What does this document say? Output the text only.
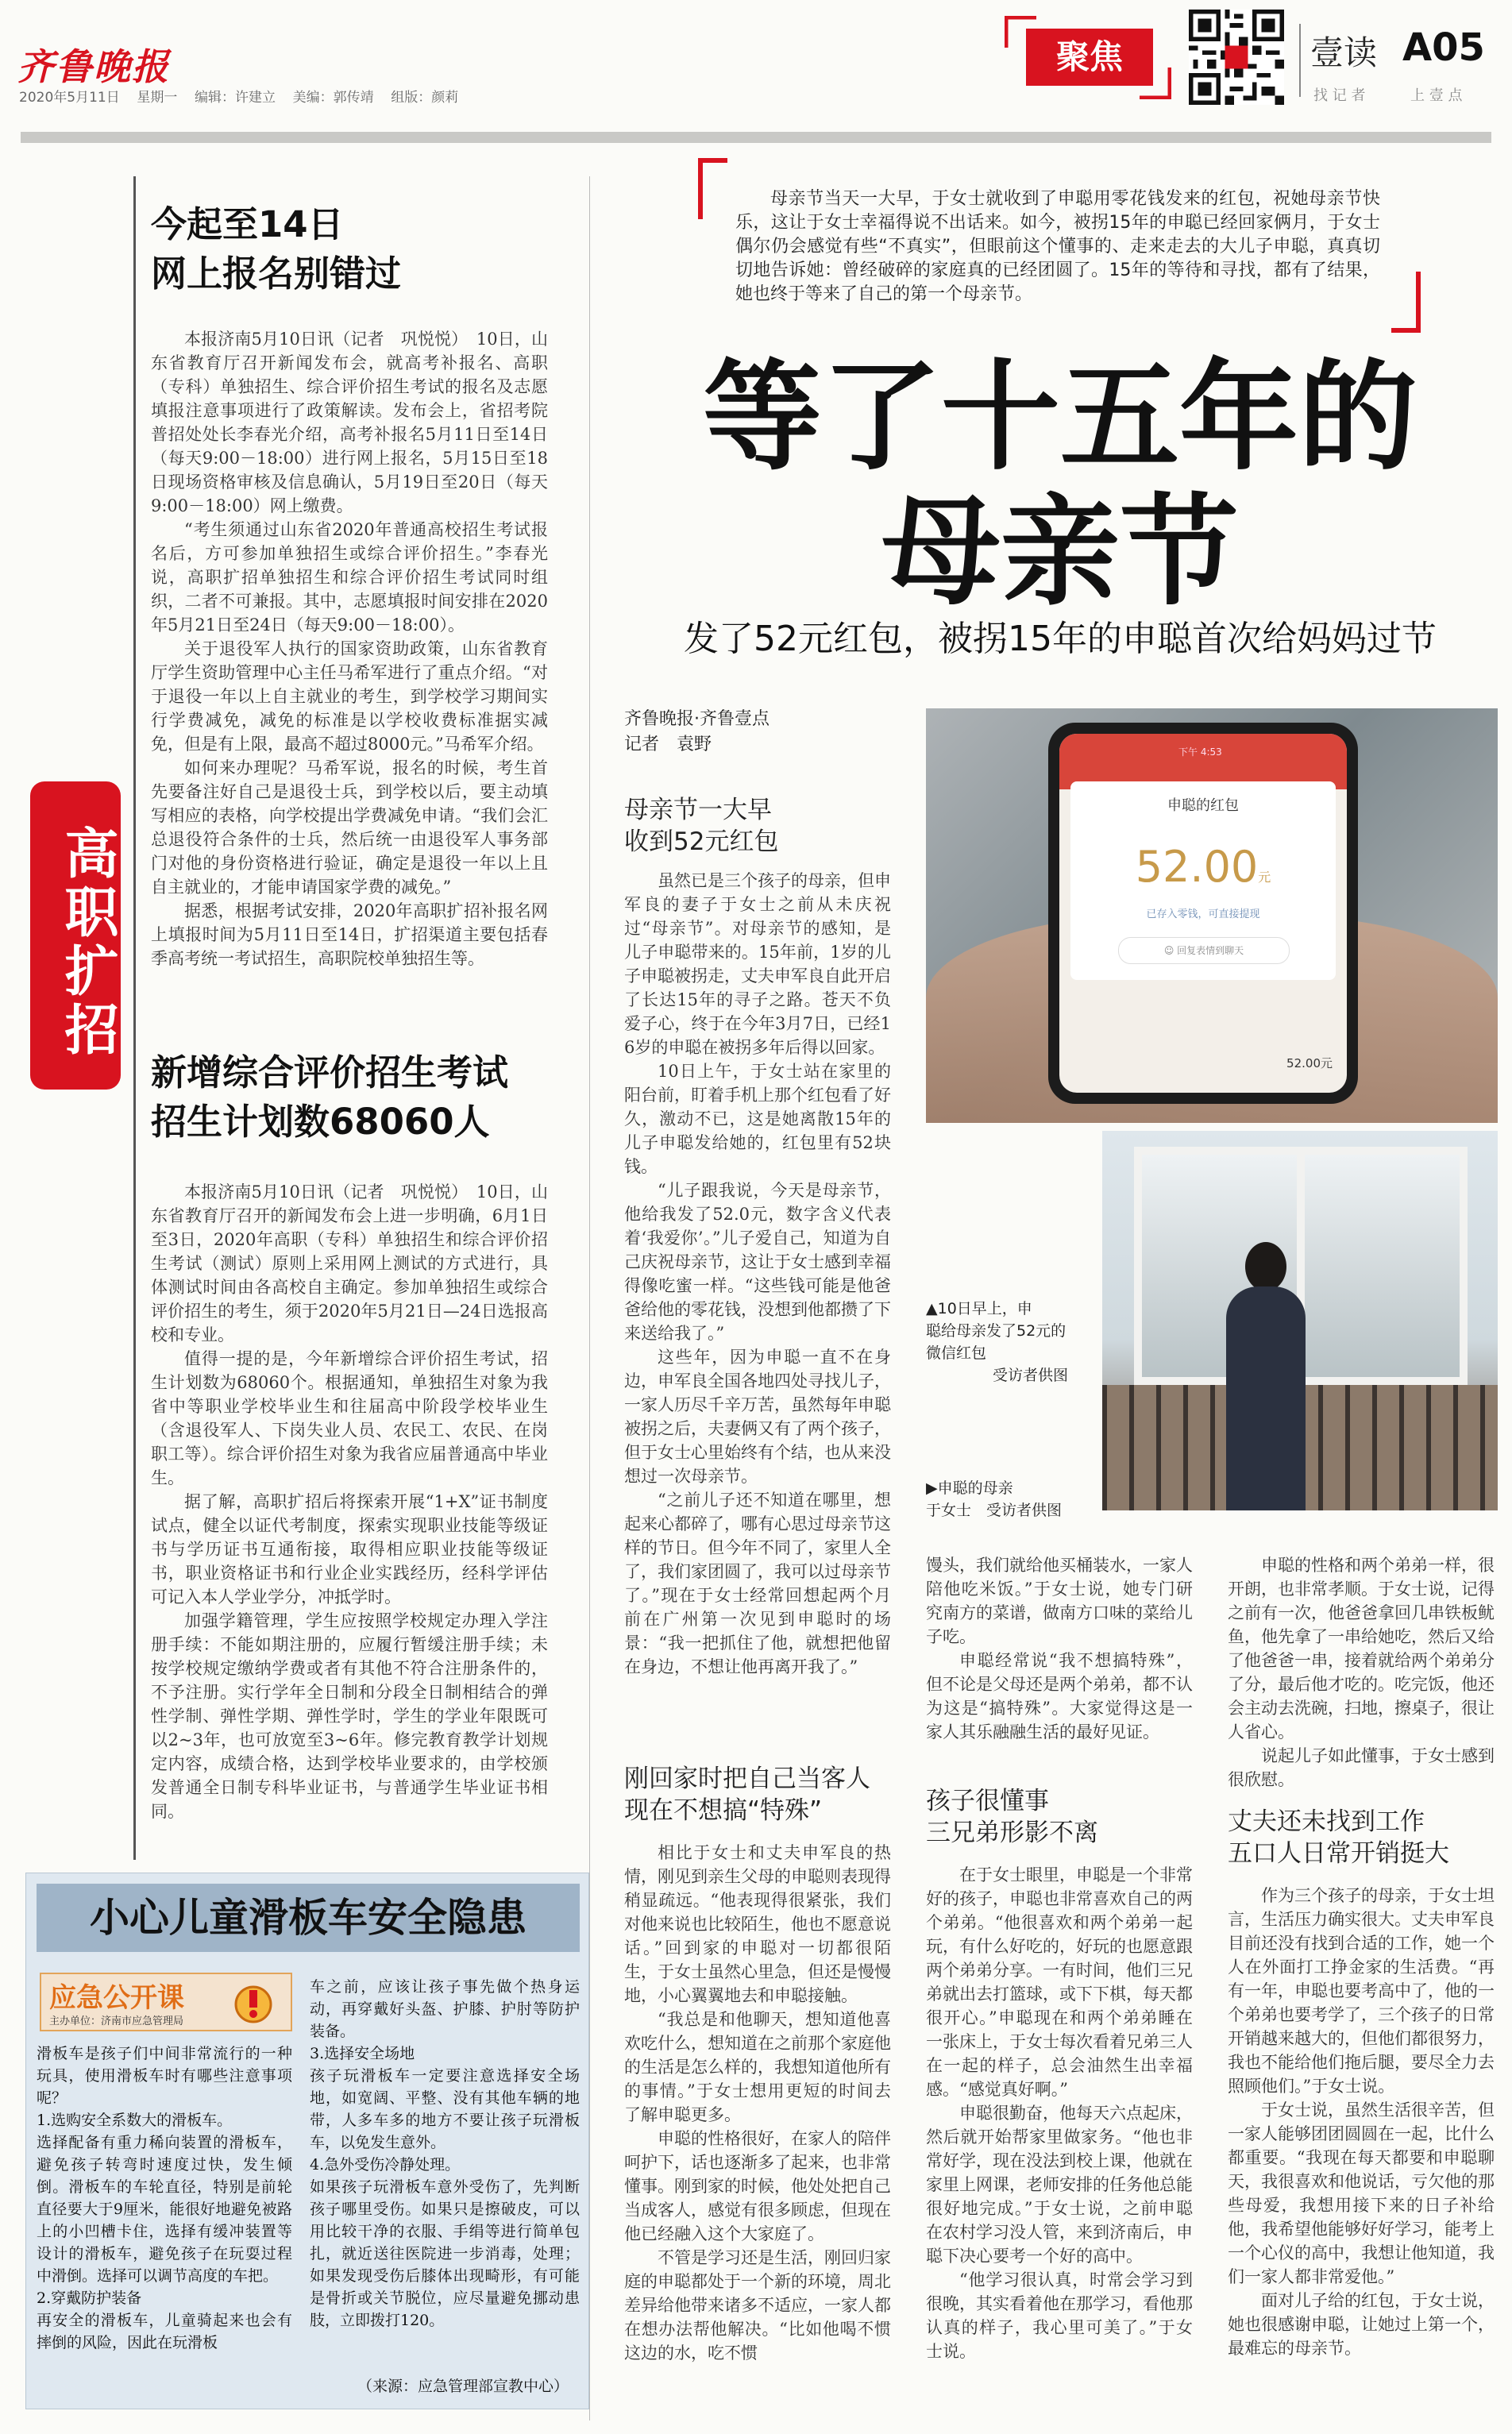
齐鲁晚报
2020年5月11日 星期一 编辑：许建立 美编：郭传靖 组版：颜莉
聚焦	壹读 A05
找 记 者	上 壹 点
高职扩招
今起至14日
网上报名别错过

本报济南5月10日讯（记者　巩悦悦）　10日，山东省教育厅召开新闻发布会，就高考补报名、高职（专科）单独招生、综合评价招生考试的报名及志愿填报注意事项进行了政策解读。发布会上，省招考院普招处处长李春光介绍，高考补报名5月11日至14日（每天9:00－18:00）进行网上报名，5月15日至18日现场资格审核及信息确认，5月19日至20日（每天9:00－18:00）网上缴费。

“考生须通过山东省2020年普通高校招生考试报名后，方可参加单独招生或综合评价招生。”李春光说，高职扩招单独招生和综合评价招生考试同时组织，二者不可兼报。其中，志愿填报时间安排在2020年5月21日至24日（每天9:00－18:00）。

关于退役军人执行的国家资助政策，山东省教育厅学生资助管理中心主任马希军进行了重点介绍。“对于退役一年以上自主就业的考生，到学校学习期间实行学费减免，减免的标准是以学校收费标准据实减免，但是有上限，最高不超过8000元。”马希军介绍。

如何来办理呢？马希军说，报名的时候，考生首先要备注好自己是退役士兵，到学校以后，要主动填写相应的表格，向学校提出学费减免申请。“我们会汇总退役符合条件的士兵，然后统一由退役军人事务部门对他的身份资格进行验证，确定是退役一年以上且自主就业的，才能申请国家学费的减免。”

据悉，根据考试安排，2020年高职扩招补报名网上填报时间为5月11日至14日，扩招渠道主要包括春季高考统一考试招生，高职院校单独招生等。

新增综合评价招生考试
招生计划数68060人

本报济南5月10日讯（记者　巩悦悦）　10日，山东省教育厅召开的新闻发布会上进一步明确，6月1日至3日，2020年高职（专科）单独招生和综合评价招生考试（测试）原则上采用网上测试的方式进行，具体测试时间由各高校自主确定。参加单独招生或综合评价招生的考生，须于2020年5月21日—24日选报高校和专业。

值得一提的是，今年新增综合评价招生考试，招生计划数为68060个。根据通知，单独招生对象为我省中等职业学校毕业生和往届高中阶段学校毕业生（含退役军人、下岗失业人员、农民工、农民、在岗职工等）。综合评价招生对象为我省应届普通高中毕业生。

据了解，高职扩招后将探索开展“1+X”证书制度试点，健全以证代考制度，探索实现职业技能等级证书与学历证书互通衔接，取得相应职业技能等级证书，职业资格证书和行业企业实践经历，经科学评估可记入本人学业学分，冲抵学时。

加强学籍管理，学生应按照学校规定办理入学注册手续：不能如期注册的，应履行暂缓注册手续；未按学校规定缴纳学费或者有其他不符合注册条件的，不予注册。实行学年全日制和分段全日制相结合的弹性学制、弹性学期、弹性学时，学生的学业年限既可以2~3年，也可放宽至3~6年。修完教育教学计划规定内容，成绩合格，达到学校毕业要求的，由学校颁发普通全日制专科毕业证书，与普通学生毕业证书相同。

小心儿童滑板车安全隐患
应急公开课
主办单位：济南市应急管理局

滑板车是孩子们中间非常流行的一种玩具，使用滑板车时有哪些注意事项呢？
1.选购安全系数大的滑板车。
选择配备有重力稀向装置的滑板车，避免孩子转弯时速度过快，发生倾倒。滑板车的车轮直径，特别是前轮直径要大于9厘米，能很好地避免被路上的小凹槽卡住，选择有缓冲装置等设计的滑板车，避免孩子在玩耍过程中滑倒。选择可以调节高度的车把。
2.穿戴防护装备
再安全的滑板车，儿童骑起来也会有摔倒的风险，因此在玩滑板

车之前，应该让孩子事先做个热身运动，再穿戴好头盔、护膝、护肘等防护装备。
3.选择安全场地
孩子玩滑板车一定要注意选择安全场地，如宽阔、平整、没有其他车辆的地带，人多车多的地方不要让孩子玩滑板车，以免发生意外。
4.急外受伤冷静处理。
如果孩子玩滑板车意外受伤了，先判断孩子哪里受伤。如果只是擦破皮，可以用比较干净的衣服、手绢等进行简单包扎，就近送往医院进一步消毒，处理；如果发现受伤后膝体出现畸形，有可能是骨折或关节脱位，应尽量避免挪动患肢，立即拨打120。

（来源：应急管理部宣教中心）

母亲节当天一大早，于女士就收到了申聪用零花钱发来的红包，祝她母亲节快乐，这让于女士幸福得说不出话来。如今，被拐15年的申聪已经回家俩月，于女士偶尔仍会感觉有些“不真实”，但眼前这个懂事的、走来走去的大儿子申聪，真真切切地告诉她：曾经破碎的家庭真的已经团圆了。15年的等待和寻找，都有了结果，她也终于等来了自己的第一个母亲节。

等了十五年的
母亲节
发了52元红包，被拐15年的申聪首次给妈妈过节
齐鲁晚报·齐鲁壹点
记者　袁野	下午 4:53
申聪的红包
52.00元
已存入零钱，可直接提现
☺ 回复表情到聊天
52.00元
▲10日早上，申
聪给母亲发了52元的
微信红包
受访者供图
▶申聪的母亲
于女士　受访者供图
母亲节一大早
收到52元红包

虽然已是三个孩子的母亲，但申军良的妻子于女士之前从未庆祝过“母亲节”。对母亲节的感知，是儿子申聪带来的。15年前，1岁的儿子申聪被拐走，丈夫申军良自此开启了长达15年的寻子之路。苍天不负爱子心，终于在今年3月7日，已经16岁的申聪在被拐多年后得以回家。

10日上午，于女士站在家里的阳台前，盯着手机上那个红包看了好久，激动不已，这是她离散15年的儿子申聪发给她的，红包里有52块钱。

“儿子跟我说，今天是母亲节，他给我发了52.0元，数字含义代表着‘我爱你’。”儿子爱自己，知道为自己庆祝母亲节，这让于女士感到幸福得像吃蜜一样。“这些钱可能是他爸爸给他的零花钱，没想到他都攒了下来送给我了。”

这些年，因为申聪一直不在身边，申军良全国各地四处寻找儿子，一家人历尽千辛万苦，虽然每年申聪被拐之后，夫妻俩又有了两个孩子，但于女士心里始终有个结，也从来没想过一次母亲节。

“之前儿子还不知道在哪里，想起来心都碎了，哪有心思过母亲节这样的节日。但今年不同了，家里人全了，我们家团圆了，我可以过母亲节了。”现在于女士经常回想起两个月前在广州第一次见到申聪时的场景：“我一把抓住了他，就想把他留在身边，不想让他再离开我了。”

刚回家时把自己当客人
现在不想搞“特殊”

相比于女士和丈夫申军良的热情，刚见到亲生父母的申聪则表现得稍显疏远。“他表现得很紧张，我们对他来说也比较陌生，他也不愿意说话。”回到家的申聪对一切都很陌生，于女士虽然心里急，但还是慢慢地，小心翼翼地去和申聪接触。

“我总是和他聊天，想知道他喜欢吃什么，想知道在之前那个家庭他的生活是怎么样的，我想知道他所有的事情。”于女士想用更短的时间去了解申聪更多。

申聪的性格很好，在家人的陪伴呵护下，话也逐渐多了起来，也非常懂事。刚到家的时候，他处处把自己当成客人，感觉有很多顾虑，但现在他已经融入这个大家庭了。

不管是学习还是生活，刚回归家庭的申聪都处于一个新的环境，周北差异给他带来诸多不适应，一家人都在想办法帮他解决。“比如他喝不惯这边的水，吃不惯

馒头，我们就给他买桶装水，一家人陪他吃米饭。”于女士说，她专门研究南方的菜谱，做南方口味的菜给儿子吃。

申聪经常说“我不想搞特殊”，但不论是父母还是两个弟弟，都不认为这是“搞特殊”。大家觉得这是一家人其乐融融生活的最好见证。

孩子很懂事
三兄弟形影不离

在于女士眼里，申聪是一个非常好的孩子，申聪也非常喜欢自己的两个弟弟。“他很喜欢和两个弟弟一起玩，有什么好吃的，好玩的也愿意跟两个弟弟分享。一有时间，他们三兄弟就出去打篮球，或下下棋，每天都很开心。”申聪现在和两个弟弟睡在一张床上，于女士每次看着兄弟三人在一起的样子，总会油然生出幸福感。“感觉真好啊。”

申聪很勤奋，他每天六点起床，然后就开始帮家里做家务。“他也非常好学，现在没法到校上课，他就在家里上网课，老师安排的任务他总能很好地完成。”于女士说，之前申聪在农村学习没人管，来到济南后，申聪下决心要考一个好的高中。

“他学习很认真，时常会学习到很晚，其实看着他在那学习，看他那认真的样子，我心里可美了。”于女士说。

申聪的性格和两个弟弟一样，很开朗，也非常孝顺。于女士说，记得之前有一次，他爸爸拿回几串铁板鱿鱼，他先拿了一串给她吃，然后又给了他爸爸一串，接着就给两个弟弟分了分，最后他才吃的。吃完饭，他还会主动去洗碗，扫地，擦桌子，很让人省心。

说起儿子如此懂事，于女士感到很欣慰。

丈夫还未找到工作
五口人日常开销挺大

作为三个孩子的母亲，于女士坦言，生活压力确实很大。丈夫申军良目前还没有找到合适的工作，她一个人在外面打工挣金家的生活费。“再有一年，申聪也要考高中了，他的一个弟弟也要考学了，三个孩子的日常开销越来越大的，但他们都很努力，我也不能给他们拖后腿，要尽全力去照顾他们。”于女士说。

于女士说，虽然生活很辛苦，但一家人能够团团圆圆在一起，比什么都重要。“我现在每天都要和申聪聊天，我很喜欢和他说话，亏欠他的那些母爱，我想用接下来的日子补给他，我希望他能够好好学习，能考上一个心仪的高中，我想让他知道，我们一家人都非常爱他。”

面对儿子给的红包，于女士说，她也很感谢申聪，让她过上第一个，最难忘的母亲节。
